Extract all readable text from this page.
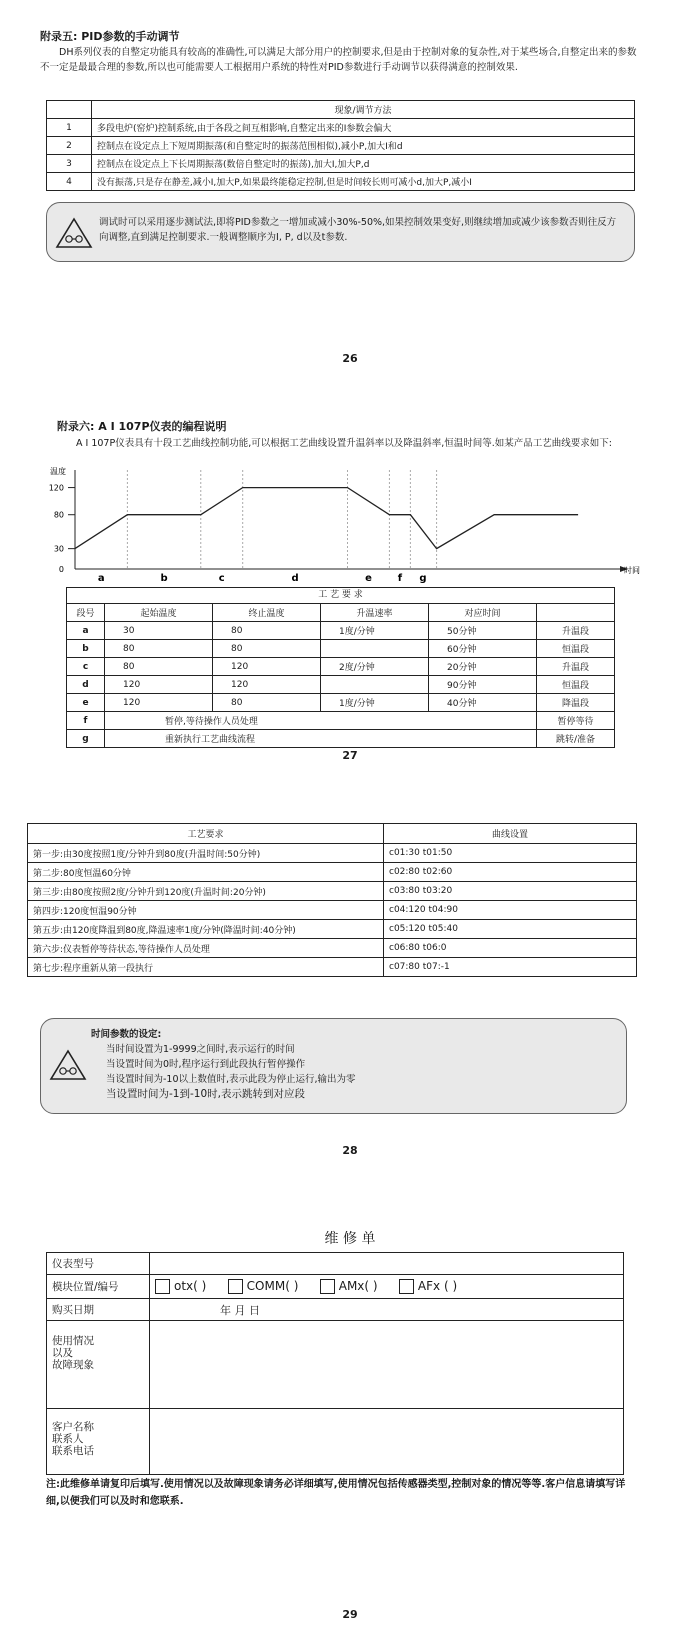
附录五: PID参数的手动调节
DH系列仪表的自整定功能具有较高的准确性,可以满足大部分用户的控制要求,但是由于控制对象的复杂性,对于某些场合,自整定出来的参数不一定是最最合理的参数,所以也可能需要人工根据用户系统的特性对PID参数进行手动调节以获得满意的控制效果.
	现象/调节方法
1	多段电炉(窑炉)控制系统,由于各段之间互相影响,自整定出来的I参数会偏大
2	控制点在设定点上下短周期振荡(和自整定时的振荡范围相似),减小P,加大I和d
3	控制点在设定点上下长周期振荡(数倍自整定时的振荡),加大I,加大P,d
4	没有振荡,只是存在静差,减小I,加大P,如果最终能稳定控制,但是时间较长则可减小d,加大P,减小I
调试时可以采用逐步测试法,即将PID参数之一增加或减小30%-50%,如果控制效果变好,则继续增加或减少该参数否则往反方向调整,直到满足控制要求.一般调整顺序为I, P, d以及t参数.
26
附录六: A I 107P仪表的编程说明
A I 107P仪表具有十段工艺曲线控制功能,可以根据工艺曲线设置升温斜率以及降温斜率,恒温时间等.如某产品工艺曲线要求如下:
温度
时间
120
80
30
0
a	b	c	d	e	f g
工 艺 要 求
段号	起始温度	终止温度	升温速率	对应时间	
a	30	80	1度/分钟	50分钟	升温段
b	80	80		60分钟	恒温段
c	80	120	2度/分钟	20分钟	升温段
d	120	120		90分钟	恒温段
e	120	80	1度/分钟	40分钟	降温段
f	暂停,等待操作人员处理				暂停等待
g	重新执行工艺曲线流程				跳转/准备
27
工艺要求	曲线设置
第一步:由30度按照1度/分钟升到80度(升温时间:50分钟)	c01:30 t01:50
第二步:80度恒温60分钟	c02:80 t02:60
第三步:由80度按照2度/分钟升到120度(升温时间:20分钟)	c03:80 t03:20
第四步:120度恒温90分钟	c04:120 t04:90
第五步:由120度降温到80度,降温速率1度/分钟(降温时间:40分钟)	c05:120 t05:40
第六步:仪表暂停等待状态,等待操作人员处理	c06:80 t06:0
第七步:程序重新从第一段执行	c07:80 t07:-1
时间参数的设定:
当时间设置为1-9999之间时,表示运行的时间
当设置时间为0时,程序运行到此段执行暂停操作
当设置时间为-10以上数值时,表示此段为停止运行,输出为零
当设置时间为-1到-10时,表示跳转到对应段
28
维 修 单
仪表型号	
模块位置/编号	otx( ) COMM( ) AMx( ) AFx ( )
购买日期	年 月 日
使用情况
以及
故障现象	
客户名称
联系人
联系电话	
注:此维修单请复印后填写.使用情况以及故障现象请务必详细填写,使用情况包括传感器类型,控制对象的情况等等.客户信息请填写详细,以便我们可以及时和您联系.
29
